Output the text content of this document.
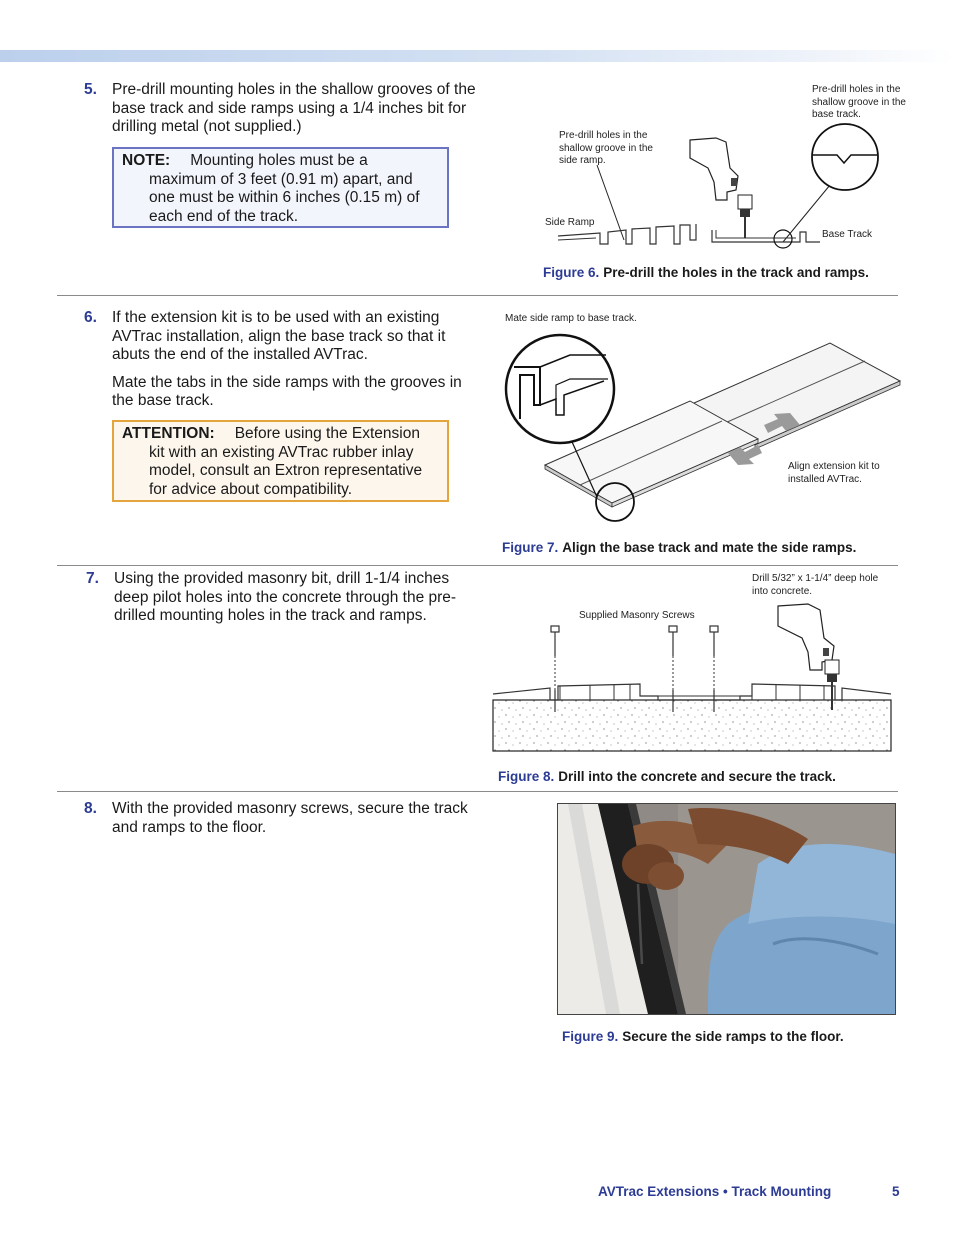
5. Pre-drill mounting holes in the shallow grooves of the base track and side ramps using a 1/4 inches bit for drilling metal (not supplied.)

NOTE: Mounting holes must be a maximum of 3 feet (0.91 m) apart, and one must be within 6 inches (0.15 m) of each end of the track.
Pre-drill holes in the shallow groove in the base track.
Pre-drill holes in the shallow groove in the side ramp.
Side Ramp
Base Track
Figure 6. Pre-drill the holes in the track and ramps.
6. If the extension kit is to be used with an existing AVTrac installation, align the base track so that it abuts the end of the installed AVTrac.

Mate the tabs in the side ramps with the grooves in the base track.

ATTENTION: Before using the Extension kit with an existing AVTrac rubber inlay model, consult an Extron representative for advice about compatibility.
Mate side ramp to base track.
Align extension kit to installed AVTrac.
Figure 7. Align the base track and mate the side ramps.
7. Using the provided masonry bit, drill 1-1/4 inches deep pilot holes into the concrete through the pre-drilled mounting holes in the track and ramps.

Drill 5/32” x 1-1/4” deep hole into concrete.
Supplied Masonry Screws
Figure 8. Drill into the concrete and secure the track.
8. With the provided masonry screws, secure the track and ramps to the floor.

Figure 9. Secure the side ramps to the floor.
AVTrac Extensions • Track Mounting	5
